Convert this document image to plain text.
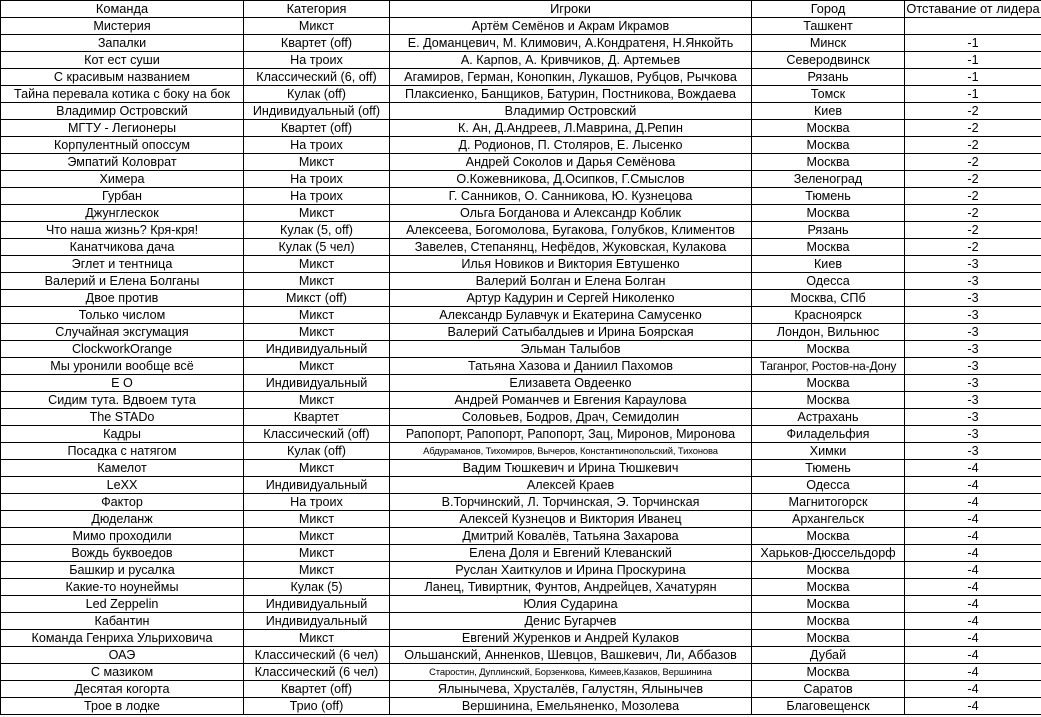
Команда	Категория	Игроки	Город	Отставание от лидера
Мистерия	Микст	Артём Семёнов и Акрам Икрамов	Ташкент	
Запалки	Квартет (off)	Е. Доманцевич, М. Климович, А.Кондратеня, Н.Янкойть	Минск	-1
Кот ест суши	На троих	А. Карпов, А. Кривчиков, Д. Артемьев	Северодвинск	-1
С красивым названием	Классический (6, off)	Агамиров, Герман, Конопкин, Лукашов, Рубцов, Рычкова	Рязань	-1
Тайна перевала котика с боку на бок	Кулак (off)	Плаксиенко, Банщиков, Батурин, Постникова, Вождаева	Томск	-1
Владимир Островский	Индивидуальный (off)	Владимир Островский	Киев	-2
МГТУ - Легионеры	Квартет (off)	К. Ан, Д.Андреев, Л.Маврина, Д.Репин	Москва	-2
Корпулентный опоссум	На троих	Д. Родионов, П. Столяров, Е. Лысенко	Москва	-2
Эмпатий Коловрат	Микст	Андрей Соколов и Дарья Семёнова	Москва	-2
Химера	На троих	О.Кожевникова, Д.Осипков, Г.Смыслов	Зеленоград	-2
Гурбан	На троих	Г. Санников, О. Санникова, Ю. Кузнецова	Тюмень	-2
Джунглескок	Микст	Ольга Богданова и Александр Коблик	Москва	-2
Что наша жизнь? Кря-кря!	Кулак (5, off)	Алексеева, Богомолова, Бугакова, Голубков, Климентов	Рязань	-2
Канатчикова дача	Кулак (5 чел)	Завелев, Степанянц, Нефёдов, Жуковская, Кулакова	Москва	-2
Эглет и тентница	Микст	Илья Новиков и Виктория Евтушенко	Киев	-3
Валерий и Елена Болганы	Микст	Валерий Болган и Елена Болган	Одесса	-3
Двое против	Микст (off)	Артур Кадурин и Сергей Николенко	Москва, СПб	-3
Только числом	Микст	Александр Булавчук и Екатерина Самусенко	Красноярск	-3
Случайная эксгумация	Микст	Валерий Сатыбалдыев и Ирина Боярская	Лондон, Вильнюс	-3
ClockworkOrange	Индивидуальный	Эльман Талыбов	Москва	-3
Мы уронили вообще всё	Микст	Татьяна Хазова и Даниил Пахомов	Таганрог, Ростов-на-Дону	-3
Е О	Индивидуальный	Елизавета Овдеенко	Москва	-3
Сидим тута. Вдвоем тута	Микст	Андрей Романчев и Евгения Караулова	Москва	-3
The STADo	Квартет	Соловьев, Бодров, Драч, Семидолин	Астрахань	-3
Кадры	Классический (off)	Рапопорт, Рапопорт, Рапопорт, Зац, Миронов, Миронова	Филадельфия	-3
Посадка с натягом	Кулак (off)	Абдураманов, Тихомиров, Вычеров, Константинопольский, Тихонова	Химки	-3
Камелот	Микст	Вадим Тюшкевич и Ирина Тюшкевич	Тюмень	-4
LeXX	Индивидуальный	Алексей Краев	Одесса	-4
Фактор	На троих	В.Торчинский, Л. Торчинская, Э. Торчинская	Магнитогорск	-4
Дюделанж	Микст	Алексей Кузнецов и Виктория Иванец	Архангельск	-4
Мимо проходили	Микст	Дмитрий Ковалёв, Татьяна Захарова	Москва	-4
Вождь буквоедов	Микст	Елена Доля и Евгений Клеванский	Харьков-Дюссельдорф	-4
Башкир и русалка	Микст	Руслан Хаиткулов и Ирина Проскурина	Москва	-4
Какие-то ноунеймы	Кулак (5)	Ланец, Тивиртник, Фунтов, Андрейцев, Хачатурян	Москва	-4
Led Zeppelin	Индивидуальный	Юлия Сударина	Москва	-4
Кабантин	Индивидуальный	Денис Бугарчев	Москва	-4
Команда Генриха Ульриховича	Микст	Евгений Журенков и Андрей Кулаков	Москва	-4
ОАЭ	Классический (6 чел)	Ольшанский, Анненков, Шевцов, Вашкевич, Ли, Аббазов	Дубай	-4
С мазиком	Классический (6 чел)	Старостин, Дуплинский, Борзенкова, Кимеев,Казаков, Вершинина	Москва	-4
Десятая когорта	Квартет (off)	Ялынычева, Хрусталёв, Галустян, Ялынычев	Саратов	-4
Трое в лодке	Трио (off)	Вершинина, Емельяненко, Мозолева	Благовещенск	-4
